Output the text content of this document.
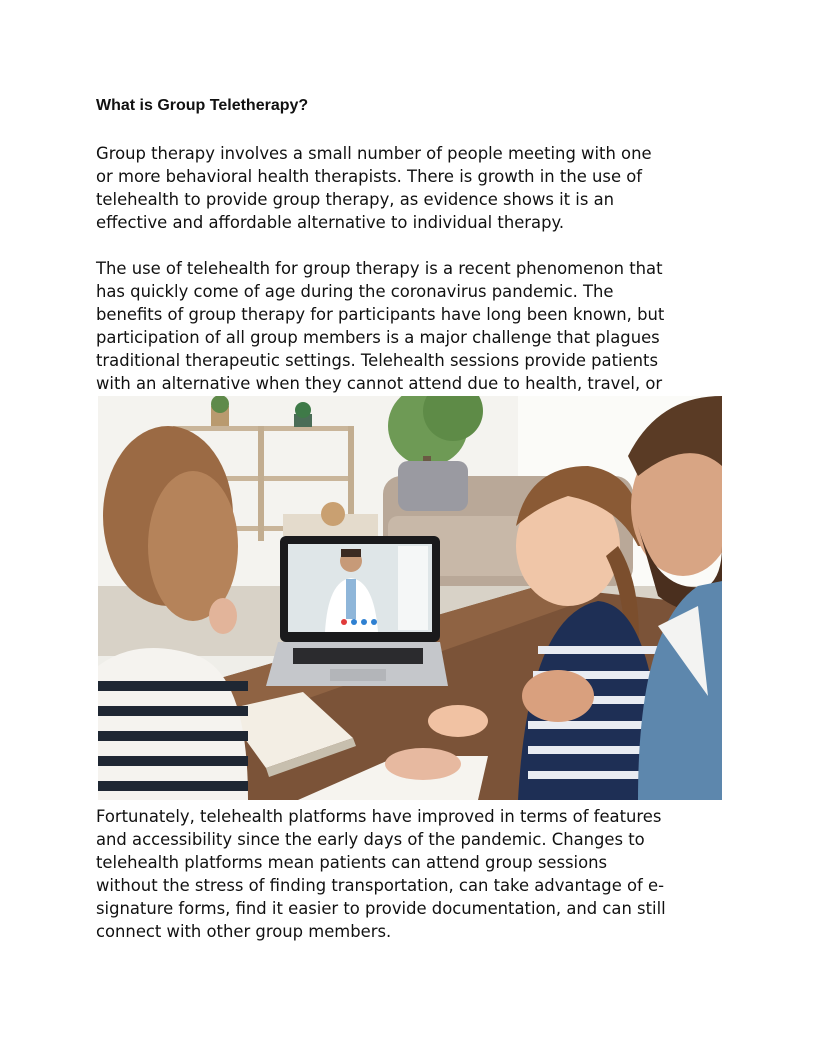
What is Group Teletherapy?
Group therapy involves a small number of people meeting with one
or more behavioral health therapists. There is growth in the use of
telehealth to provide group therapy, as evidence shows it is an
effective and affordable alternative to individual therapy.
The use of telehealth for group therapy is a recent phenomenon that
has quickly come of age during the coronavirus pandemic. The
benefits of group therapy for participants have long been known, but
participation of all group members is a major challenge that plagues
traditional therapeutic settings. Telehealth sessions provide patients
with an alternative when they cannot attend due to health, travel, or
Fortunately, telehealth platforms have improved in terms of features
and accessibility since the early days of the pandemic. Changes to
telehealth platforms mean patients can attend group sessions
without the stress of finding transportation, can take advantage of e-
signature forms, find it easier to provide documentation, and can still
connect with other group members.
